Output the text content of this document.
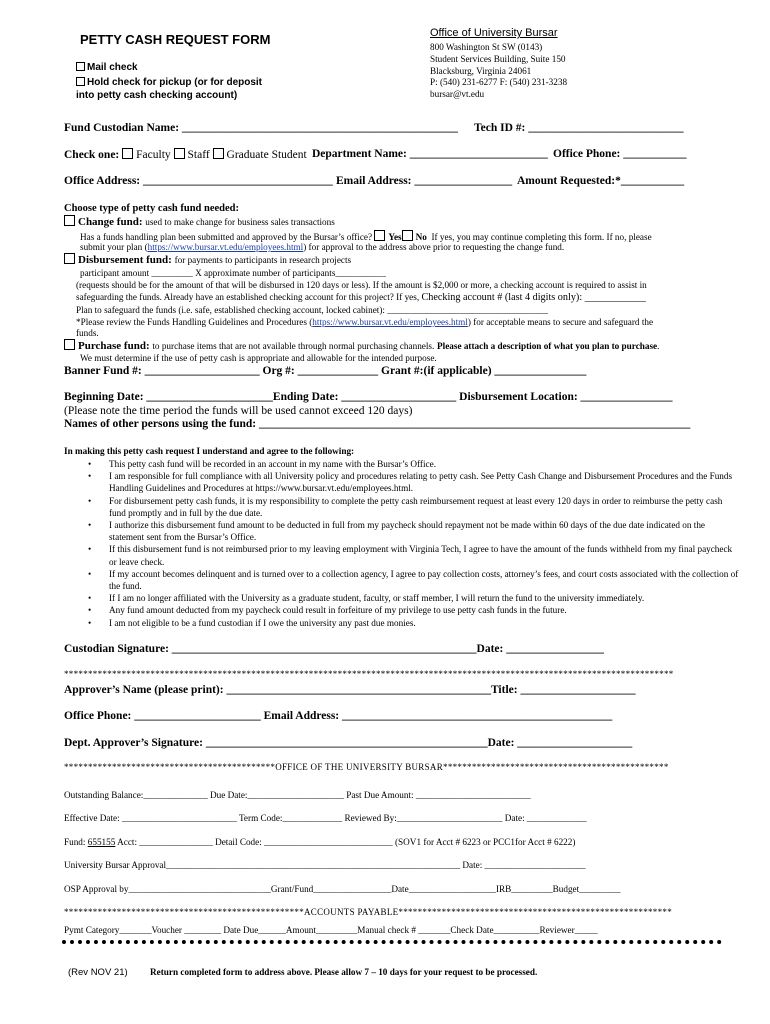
PETTY CASH REQUEST FORM
Mail check
Hold check for pickup (or for deposit
into petty cash checking account)
Office of University Bursar
800 Washington St SW (0143)
Student Services Building, Suite 150
Blacksburg, Virginia 24061
P: (540) 231-6277 F: (540) 231-3238
bursar@vt.edu
Fund Custodian Name: ________________________________________________ Tech ID #: ___________________________
Check one: Faculty Staff Graduate Student Department Name: ________________________ Office Phone: ___________
Office Address: _________________________________ Email Address: _________________ Amount Requested:*___________
Choose type of petty cash fund needed:
Change fund: used to make change for business sales transactions
Has a funds handling plan been submitted and approved by the Bursar’s office? Yes No If yes, you may continue completing this form. If no, please
submit your plan (https://www.bursar.vt.edu/employees.html) for approval to the address above prior to requesting the change fund.
Disbursement fund: for payments to participants in research projects
participant amount _________ X approximate number of participants___________
(requests should be for the amount of that will be disbursed in 120 days or less). If the amount is $2,000 or more, a checking account is required to assist in
safeguarding the funds. Already have an established checking account for this project? If yes, Checking account # (last 4 digits only): ____________
Plan to safeguard the funds (i.e. safe, established checking account, locked cabinet): ___________________________________
*Please review the Funds Handling Guidelines and Procedures (https://www.bursar.vt.edu/employees.html) for acceptable means to secure and safeguard the
funds.
Purchase fund: to purchase items that are not available through normal purchasing channels. Please attach a description of what you plan to purchase.
We must determine if the use of petty cash is appropriate and allowable for the intended purpose.
Banner Fund #: ____________________ Org #: ______________ Grant #:(if applicable) ________________
Beginning Date: ______________________Ending Date: ____________________ Disbursement Location: ________________
(Please note the time period the funds will be used cannot exceed 120 days)
Names of other persons using the fund: ___________________________________________________________________________
In making this petty cash request I understand and agree to the following:
• This petty cash fund will be recorded in an account in my name with the Bursar’s Office.
• I am responsible for full compliance with all University policy and procedures relating to petty cash. See Petty Cash Change and Disbursement Procedures and the Funds Handling Guidelines and Procedures at https://www.bursar.vt.edu/employees.html.
• For disbursement petty cash funds, it is my responsibility to complete the petty cash reimbursement request at least every 120 days in order to reimburse the petty cash fund promptly and in full by the due date.
• I authorize this disbursement fund amount to be deducted in full from my paycheck should repayment not be made within 60 days of the due date indicated on the statement sent from the Bursar’s Office.
• If this disbursement fund is not reimbursed prior to my leaving employment with Virginia Tech, I agree to have the amount of the funds withheld from my final paycheck or leave check.
• If my account becomes delinquent and is turned over to a collection agency, I agree to pay collection costs, attorney’s fees, and court costs associated with the collection of the fund.
• If I am no longer affiliated with the University as a graduate student, faculty, or staff member, I will return the fund to the university immediately.
• Any fund amount deducted from my paycheck could result in forfeiture of my privilege to use petty cash funds in the future.
• I am not eligible to be a fund custodian if I owe the university any past due monies.
Custodian Signature: _____________________________________________________Date: _________________
*******************************************************************************************************************************
Approver’s Name (please print): ______________________________________________Title: ____________________
Office Phone: ______________________ Email Address: _______________________________________________
Dept. Approver’s Signature: _________________________________________________Date: ____________________
********************************************OFFICE OF THE UNIVERSITY BURSAR***********************************************
Outstanding Balance:______________ Due Date:_____________________ Past Due Amount: _________________________
Effective Date: _________________________ Term Code:_____________ Reviewed By:_______________________ Date: _____________
Fund: 655155 Acct: ________________ Detail Code: ____________________________ (SOV1 for Acct # 6223 or PCC1for Acct # 6222)
University Bursar Approval________________________________________________________________ Date: ______________________
OSP Approval by_______________________________Grant/Fund_________________Date___________________IRB_________Budget_________
**************************************************ACCOUNTS PAYABLE*********************************************************
Pymt Category_______Voucher ________ Date Due______Amount_________Manual check # _______Check Date__________Reviewer_____
(Rev NOV 21) Return completed form to address above. Please allow 7 – 10 days for your request to be processed.
